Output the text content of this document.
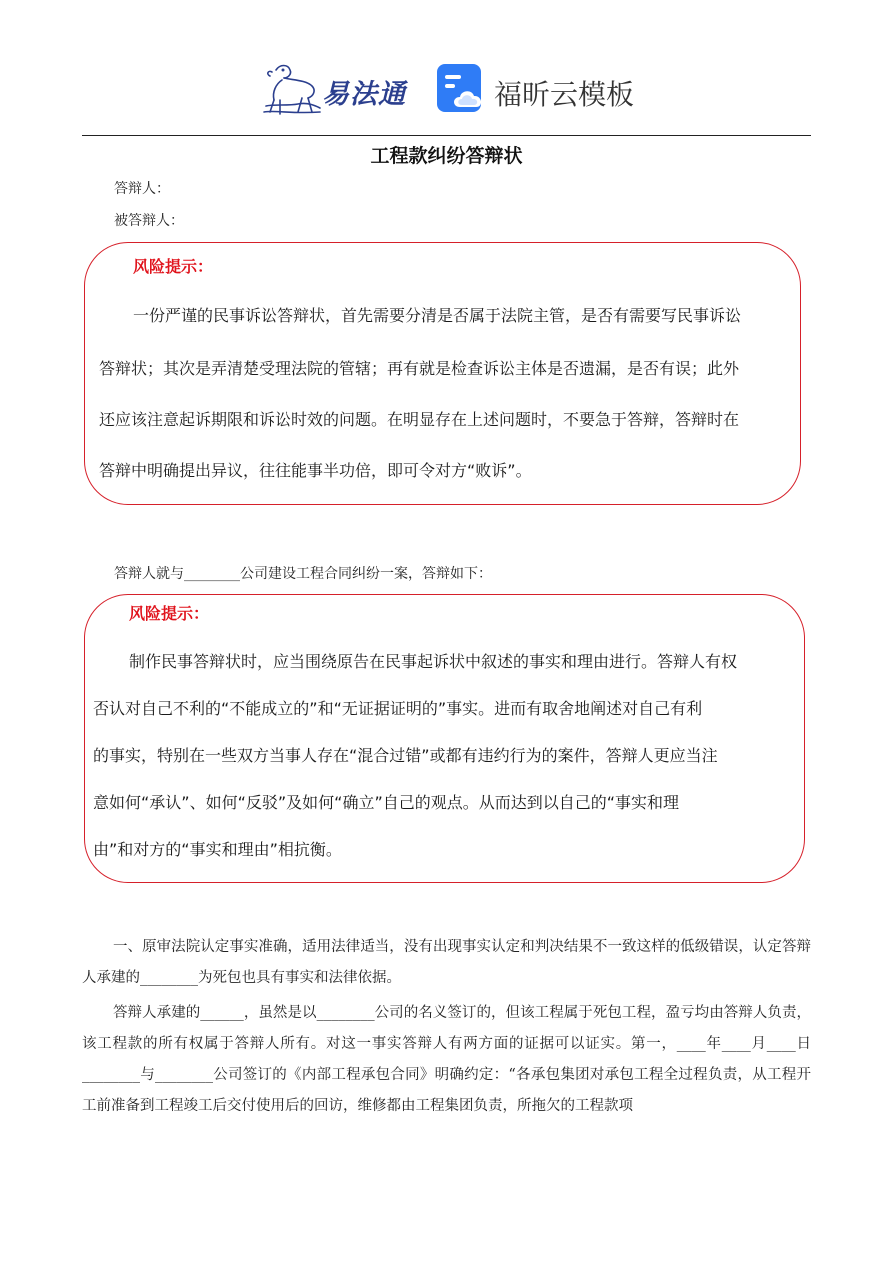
易法通	福昕云模板
工程款纠纷答辩状
答辩人：
被答辩人：
风险提示：
一份严谨的民事诉讼答辩状，首先需要分清是否属于法院主管，是否有需要写民事诉讼
答辩状；其次是弄清楚受理法院的管辖；再有就是检查诉讼主体是否遗漏，是否有误；此外
还应该注意起诉期限和诉讼时效的问题。在明显存在上述问题时，不要急于答辩，答辩时在
答辩中明确提出异议，往往能事半功倍，即可令对方“败诉”。
答辩人就与________公司建设工程合同纠纷一案，答辩如下：
风险提示：
制作民事答辩状时，应当围绕原告在民事起诉状中叙述的事实和理由进行。答辩人有权
否认对自己不利的“不能成立的”和“无证据证明的”事实。进而有取舍地阐述对自己有利
的事实，特别在一些双方当事人存在“混合过错”或都有违约行为的案件，答辩人更应当注
意如何“承认”、如何“反驳”及如何“确立”自己的观点。从而达到以自己的“事实和理
由”和对方的“事实和理由”相抗衡。
一、原审法院认定事实准确，适用法律适当，没有出现事实认定和判决结果不一致这样的低级错误，认定答辩人承建的________为死包也具有事实和法律依据。
答辩人承建的______，虽然是以________公司的名义签订的，但该工程属于死包工程，盈亏均由答辩人负责，该工程款的所有权属于答辩人所有。对这一事实答辩人有两方面的证据可以证实。第一，____年____月____日________与________公司签订的《内部工程承包合同》明确约定：“各承包集团对承包工程全过程负责，从工程开工前准备到工程竣工后交付使用后的回访，维修都由工程集团负责，所拖欠的工程款项
